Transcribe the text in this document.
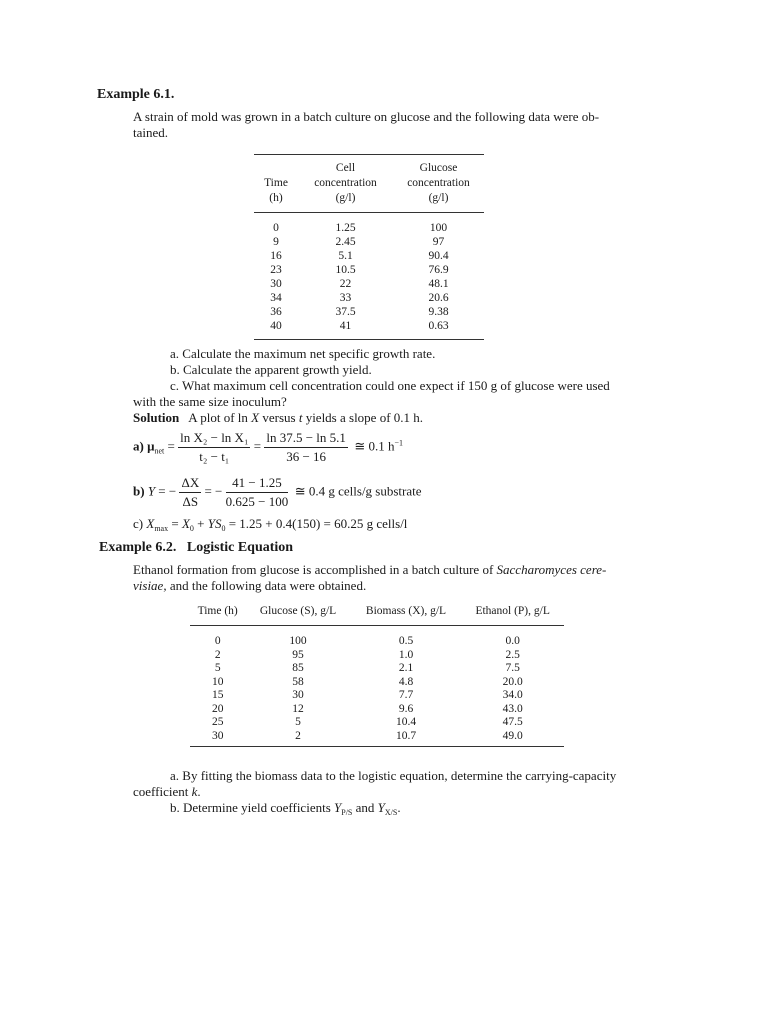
Example 6.1.
A strain of mold was grown in a batch culture on glucose and the following data were ob-
tained.
Time
(h)	Cell
concentration
(g/l)	Glucose
concentration
(g/l)
0	1.25	100
9	2.45	97
16	5.1	90.4
23	10.5	76.9
30	22	48.1
34	33	20.6
36	37.5	9.38
40	41	0.63
a. Calculate the maximum net specific growth rate.
b. Calculate the apparent growth yield.
c. What maximum cell concentration could one expect if 150 g of glucose were used
with the same size inoculum?
Solution A plot of ln X versus t yields a slope of 0.1 h.
a) $\mu_{net} = \frac{\text{ln X₂ − ln X₁}}{\text{t₂ − t₁}} = \frac{\ln 37.5 - \ln 5.1}{36 - 16}$ ≅ 0.1 $h^{-1}$
b) Y = − $\frac{\Delta X}{\Delta S}$ = − $\frac{41 - 1.25}{0.625 - 100}$ ≅ 0.4 g cells/g substrate
c) $X_{max} = X_0 + YS_0 = 1.25 + 0.4(150) = 60.25$ g cells/l
Example 6.2. Logistic Equation
Ethanol formation from glucose is accomplished in a batch culture of Saccharomyces cere-
visiae, and the following data were obtained.
Time (h)	Glucose (S), g/L	Biomass (X), g/L	Ethanol (P), g/L
0	100	0.5	0.0
2	95	1.0	2.5
5	85	2.1	7.5
10	58	4.8	20.0
15	30	7.7	34.0
20	12	9.6	43.0
25	5	10.4	47.5
30	2	10.7	49.0
a. By fitting the biomass data to the logistic equation, determine the carrying-capacity
coefficient k.
b. Determine yield coefficients $Y_{P/S}$ and $Y_{X/S}$.
